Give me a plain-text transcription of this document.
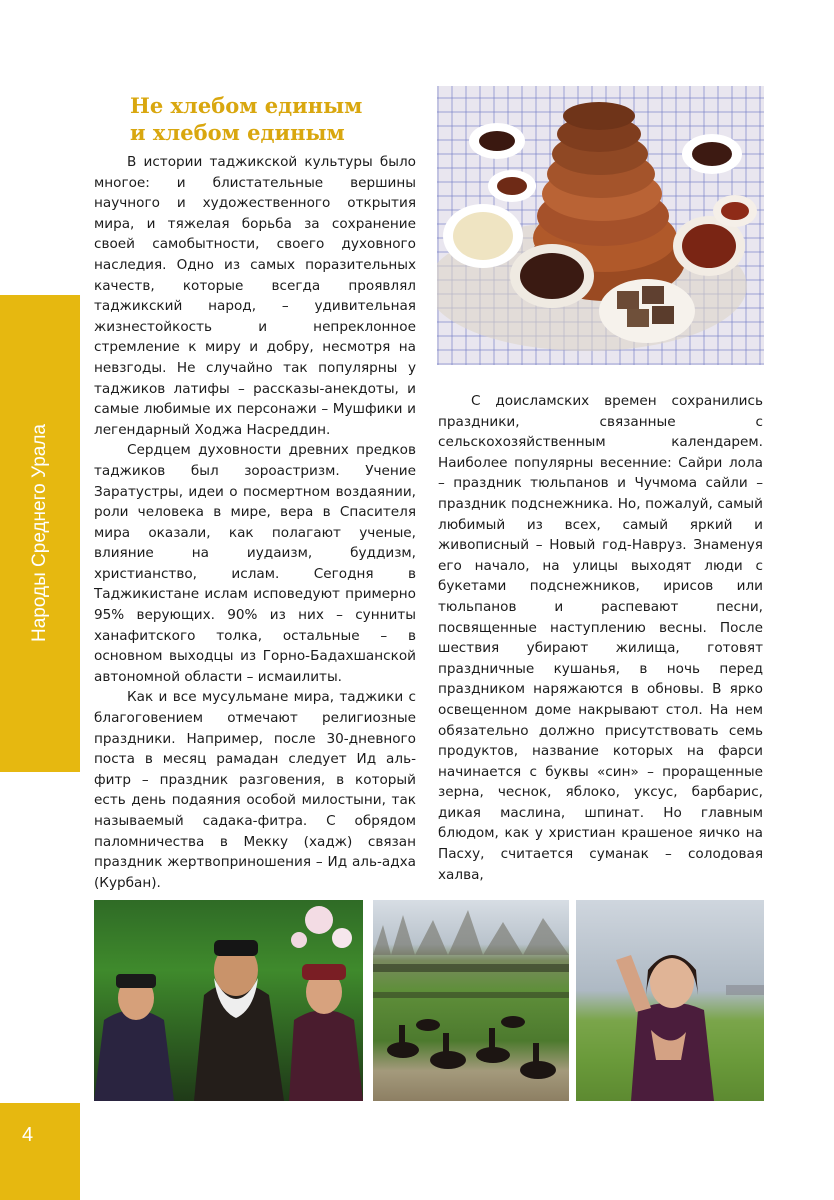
Народы Среднего Урала
4
Не хлебом единым
и хлебом единым

В истории таджикской культуры было многое: и блистательные вершины научного и художественного открытия мира, и тяжелая борьба за сохранение своей самобытности, своего духовного наследия. Одно из самых поразительных качеств, которые всегда проявлял таджикский народ, – удивительная жизнестойкость и непреклонное стремление к миру и добру, несмотря на невзгоды. Не случайно так популярны у таджиков латифы – рассказы-анекдоты, и самые любимые их персонажи – Мушфики и легендарный Ходжа Насреддин.

Сердцем духовности древних предков таджиков был зороастризм. Учение Заратустры, идеи о посмертном воздаянии, роли человека в мире, вера в Спасителя мира оказали, как полагают ученые, влияние на иудаизм, буддизм, христианство, ислам. Сегодня в Таджикистане ислам исповедуют примерно 95% верующих. 90% из них – сунниты ханафитского толка, остальные – в основном выходцы из Горно-Бадахшанской автономной области – исмаилиты.

Как и все мусульмане мира, таджики с благоговением отмечают религиозные праздники. Например, после 30-дневного поста в месяц рамадан следует Ид аль-фитр – праздник разговения, в который есть день подаяния особой милостыни, так называемый садака-фитра. С обрядом паломничества в Мекку (хадж) связан праздник жертвоприношения – Ид аль-адха (Курбан).

С доисламских времен сохранились праздники, связанные с сельскохозяйственным календарем. Наиболее популярны весенние: Сайри лола – праздник тюльпанов и Чучмома сайли – праздник подснежника. Но, пожалуй, самый любимый из всех, самый яркий и живописный – Новый год-Навруз. Знаменуя его начало, на улицы выходят люди с букетами подснежников, ирисов или тюльпанов и распевают песни, посвященные наступлению весны. После шествия убирают жилища, готовят праздничные кушанья, в ночь перед праздником наряжаются в обновы. В ярко освещенном доме накрывают стол. На нем обязательно должно присутствовать семь продуктов, название которых на фарси начинается с буквы «син» – проращенные зерна, чеснок, яблоко, уксус, барбарис, дикая маслина, шпинат. Но главным блюдом, как у христиан крашеное яичко на Пасху, считается суманак – солодовая халва,
